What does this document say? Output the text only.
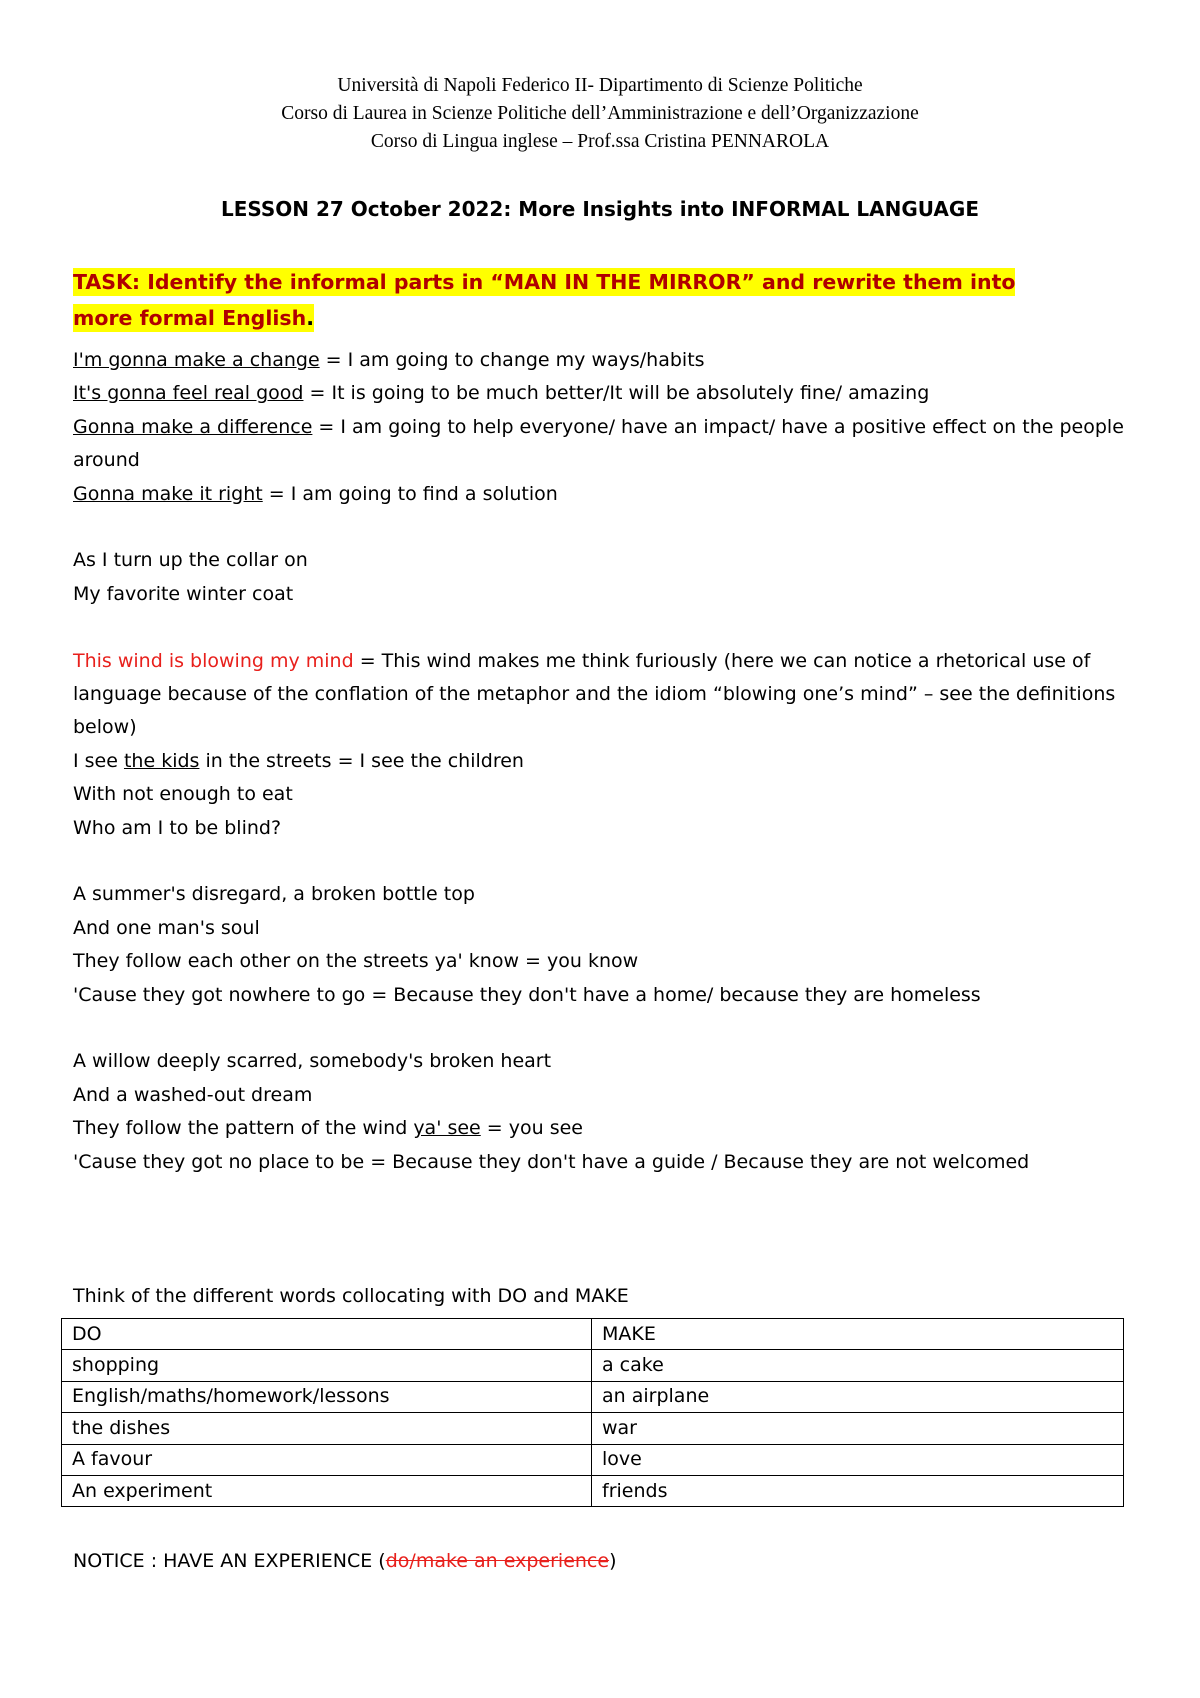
Università di Napoli Federico II- Dipartimento di Scienze Politiche
Corso di Laurea in Scienze Politiche dell’Amministrazione e dell’Organizzazione
Corso di Lingua inglese – Prof.ssa Cristina PENNAROLA
LESSON 27 October 2022: More Insights into INFORMAL LANGUAGE
TASK: Identify the informal parts in “MAN IN THE MIRROR” and rewrite them into
more formal English.
I'm gonna make a change = I am going to change my ways/habits
It's gonna feel real good = It is going to be much better/It will be absolutely fine/ amazing
Gonna make a difference = I am going to help everyone/ have an impact/ have a positive effect on the people around
Gonna make it right = I am going to find a solution
As I turn up the collar on
My favorite winter coat
This wind is blowing my mind = This wind makes me think furiously (here we can notice a rhetorical use of language because of the conflation of the metaphor and the idiom “blowing one’s mind” – see the definitions below)
I see the kids in the streets = I see the children
With not enough to eat
Who am I to be blind?
A summer's disregard, a broken bottle top
And one man's soul
They follow each other on the streets ya' know = you know
'Cause they got nowhere to go = Because they don't have a home/ because they are homeless
A willow deeply scarred, somebody's broken heart
And a washed-out dream
They follow the pattern of the wind ya' see = you see
'Cause they got no place to be = Because they don't have a guide / Because they are not welcomed
Think of the different words collocating with DO and MAKE
DO	MAKE
shopping	a cake
English/maths/homework/lessons	an airplane
the dishes	war
A favour	love
An experiment	friends
NOTICE : HAVE AN EXPERIENCE (do/make an experience)
